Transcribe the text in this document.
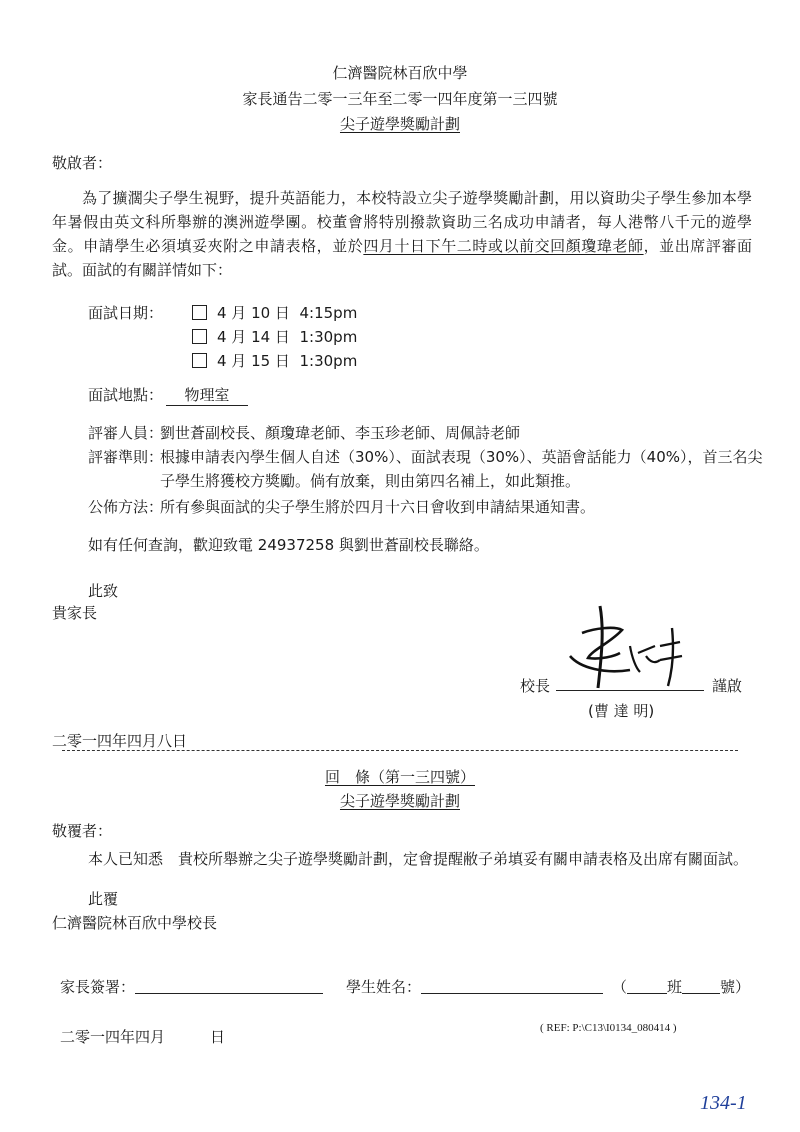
仁濟醫院林百欣中學
家長通告二零一三年至二零一四年度第一三四號
尖子遊學獎勵計劃
敬啟者：
為了擴濶尖子學生視野，提升英語能力，本校特設立尖子遊學獎勵計劃，用以資助尖子學生參加本學年暑假由英文科所舉辦的澳洲遊學團。校董會將特別撥款資助三名成功申請者，每人港幣八千元的遊學金。申請學生必須填妥夾附之申請表格，並於四月十日下午二時或以前交回顏瓊瑋老師，並出席評審面試。面試的有關詳情如下：
面試日期：	4 月 10 日 4:15pm
4 月 14 日 1:30pm
4 月 15 日 1:30pm
面試地點：	物理室
評審人員：
劉世蒼副校長、顏瓊瑋老師、李玉珍老師、周佩詩老師
評審準則：
根據申請表內學生個人自述（30%）、面試表現（30%）、英語會話能力（40%），首三名尖
子學生將獲校方獎勵。倘有放棄，則由第四名補上，如此類推。
公佈方法：
所有參與面試的尖子學生將於四月十六日會收到申請結果通知書。
如有任何查詢，歡迎致電 24937258 與劉世蒼副校長聯絡。
此致
貴家長
校長	謹啟
(曹 達 明)
二零一四年四月八日
回　條（第一三四號）
尖子遊學獎勵計劃
敬覆者：
本人已知悉　貴校所舉辦之尖子遊學獎勵計劃，定會提醒敝子弟填妥有關申請表格及出席有關面試。
此覆
仁濟醫院林百欣中學校長
家長簽署：	學生姓名：	（	班	號）
二零一四年四月　　　日	( REF: P:\C13\I0134_080414 )
134-1
